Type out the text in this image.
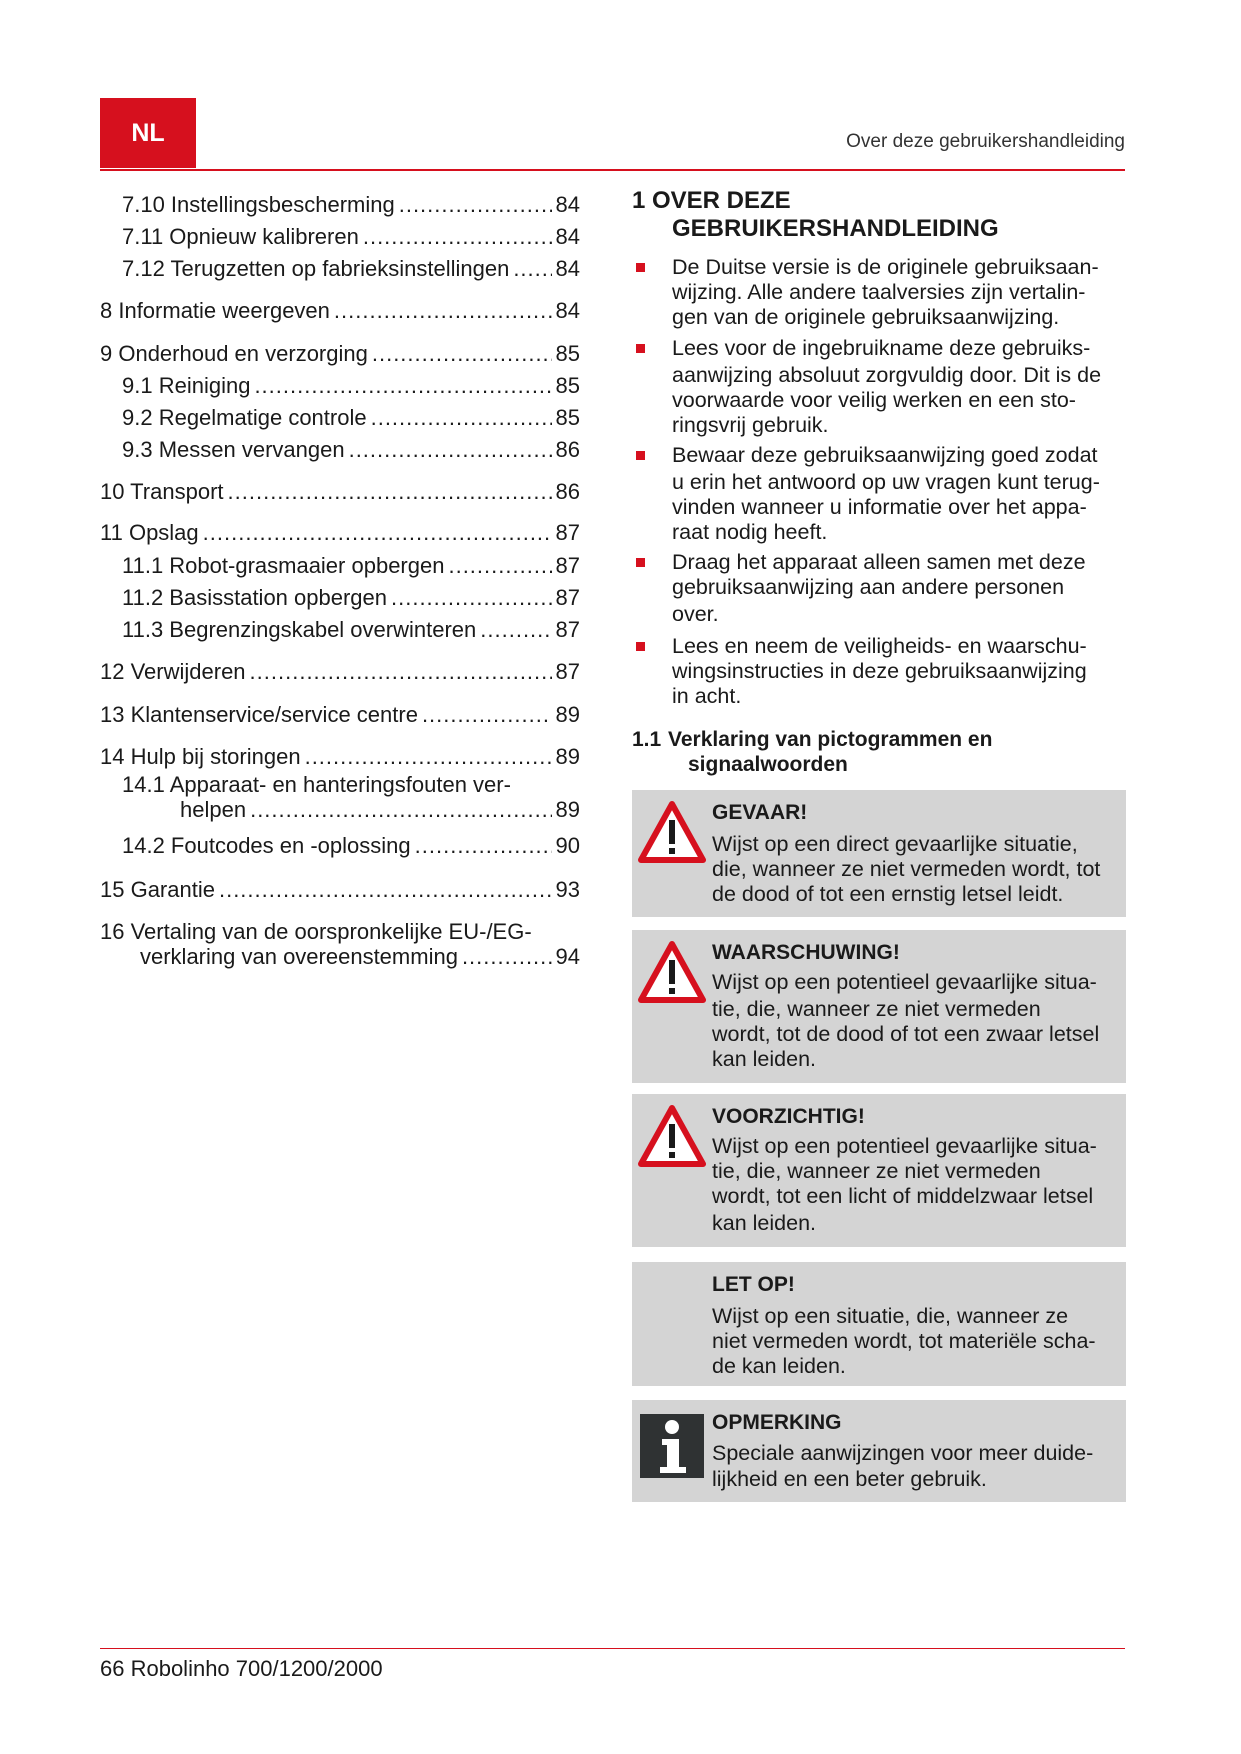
NL	Over deze gebruikershandleiding
7.10 Instellingsbescherming .....	84
7.11 Opnieuw kalibreren .....	84
7.12 Terugzetten op fabrieksinstellingen ..... 84
8 Informatie weergeven .....	84
9 Onderhoud en verzorging .....	85
9.1 Reiniging .....	85
9.2 Regelmatige controle .....	85
9.3 Messen vervangen .....	86
10 Transport .....	86
11 Opslag .....	87
11.1 Robot-grasmaaier opbergen .....	87
11.2 Basisstation opbergen .....	87
11.3 Begrenzingskabel overwinteren .....	87
12 Verwijderen .....	87
13 Klantenservice/service centre .....	89
14 Hulp bij storingen .....	89
14.1 Apparaat- en hanteringsfouten ver-
helpen .....	89
14.2 Foutcodes en -oplossing .....	90
15 Garantie .....	93
16 Vertaling van de oorspronkelijke EU-/EG-
verklaring van overeenstemming .....	94
1 OVER DEZE
GEBRUIKERSHANDLEIDING
De Duitse versie is de originele gebruiksaan-
wijzing. Alle andere taalversies zijn vertalin-
gen van de originele gebruiksaanwijzing.
Lees voor de ingebruikname deze gebruiks-
aanwijzing absoluut zorgvuldig door. Dit is de
voorwaarde voor veilig werken en een sto-
ringsvrij gebruik.
Bewaar deze gebruiksaanwijzing goed zodat
u erin het antwoord op uw vragen kunt terug-
vinden wanneer u informatie over het appa-
raat nodig heeft.
Draag het apparaat alleen samen met deze
gebruiksaanwijzing aan andere personen
over.
Lees en neem de veiligheids- en waarschu-
wingsinstructies in deze gebruiksaanwijzing
in acht.
1.1 Verklaring van pictogrammen en
signaalwoorden
GEVAAR!
Wijst op een direct gevaarlijke situatie,
die, wanneer ze niet vermeden wordt, tot
de dood of tot een ernstig letsel leidt.
WAARSCHUWING!
Wijst op een potentieel gevaarlijke situa-
tie, die, wanneer ze niet vermeden
wordt, tot de dood of tot een zwaar letsel
kan leiden.
VOORZICHTIG!
Wijst op een potentieel gevaarlijke situa-
tie, die, wanneer ze niet vermeden
wordt, tot een licht of middelzwaar letsel
kan leiden.
LET OP!
Wijst op een situatie, die, wanneer ze
niet vermeden wordt, tot materiële scha-
de kan leiden.
OPMERKING
Speciale aanwijzingen voor meer duide-
lijkheid en een beter gebruik.
66 Robolinho 700/1200/2000
